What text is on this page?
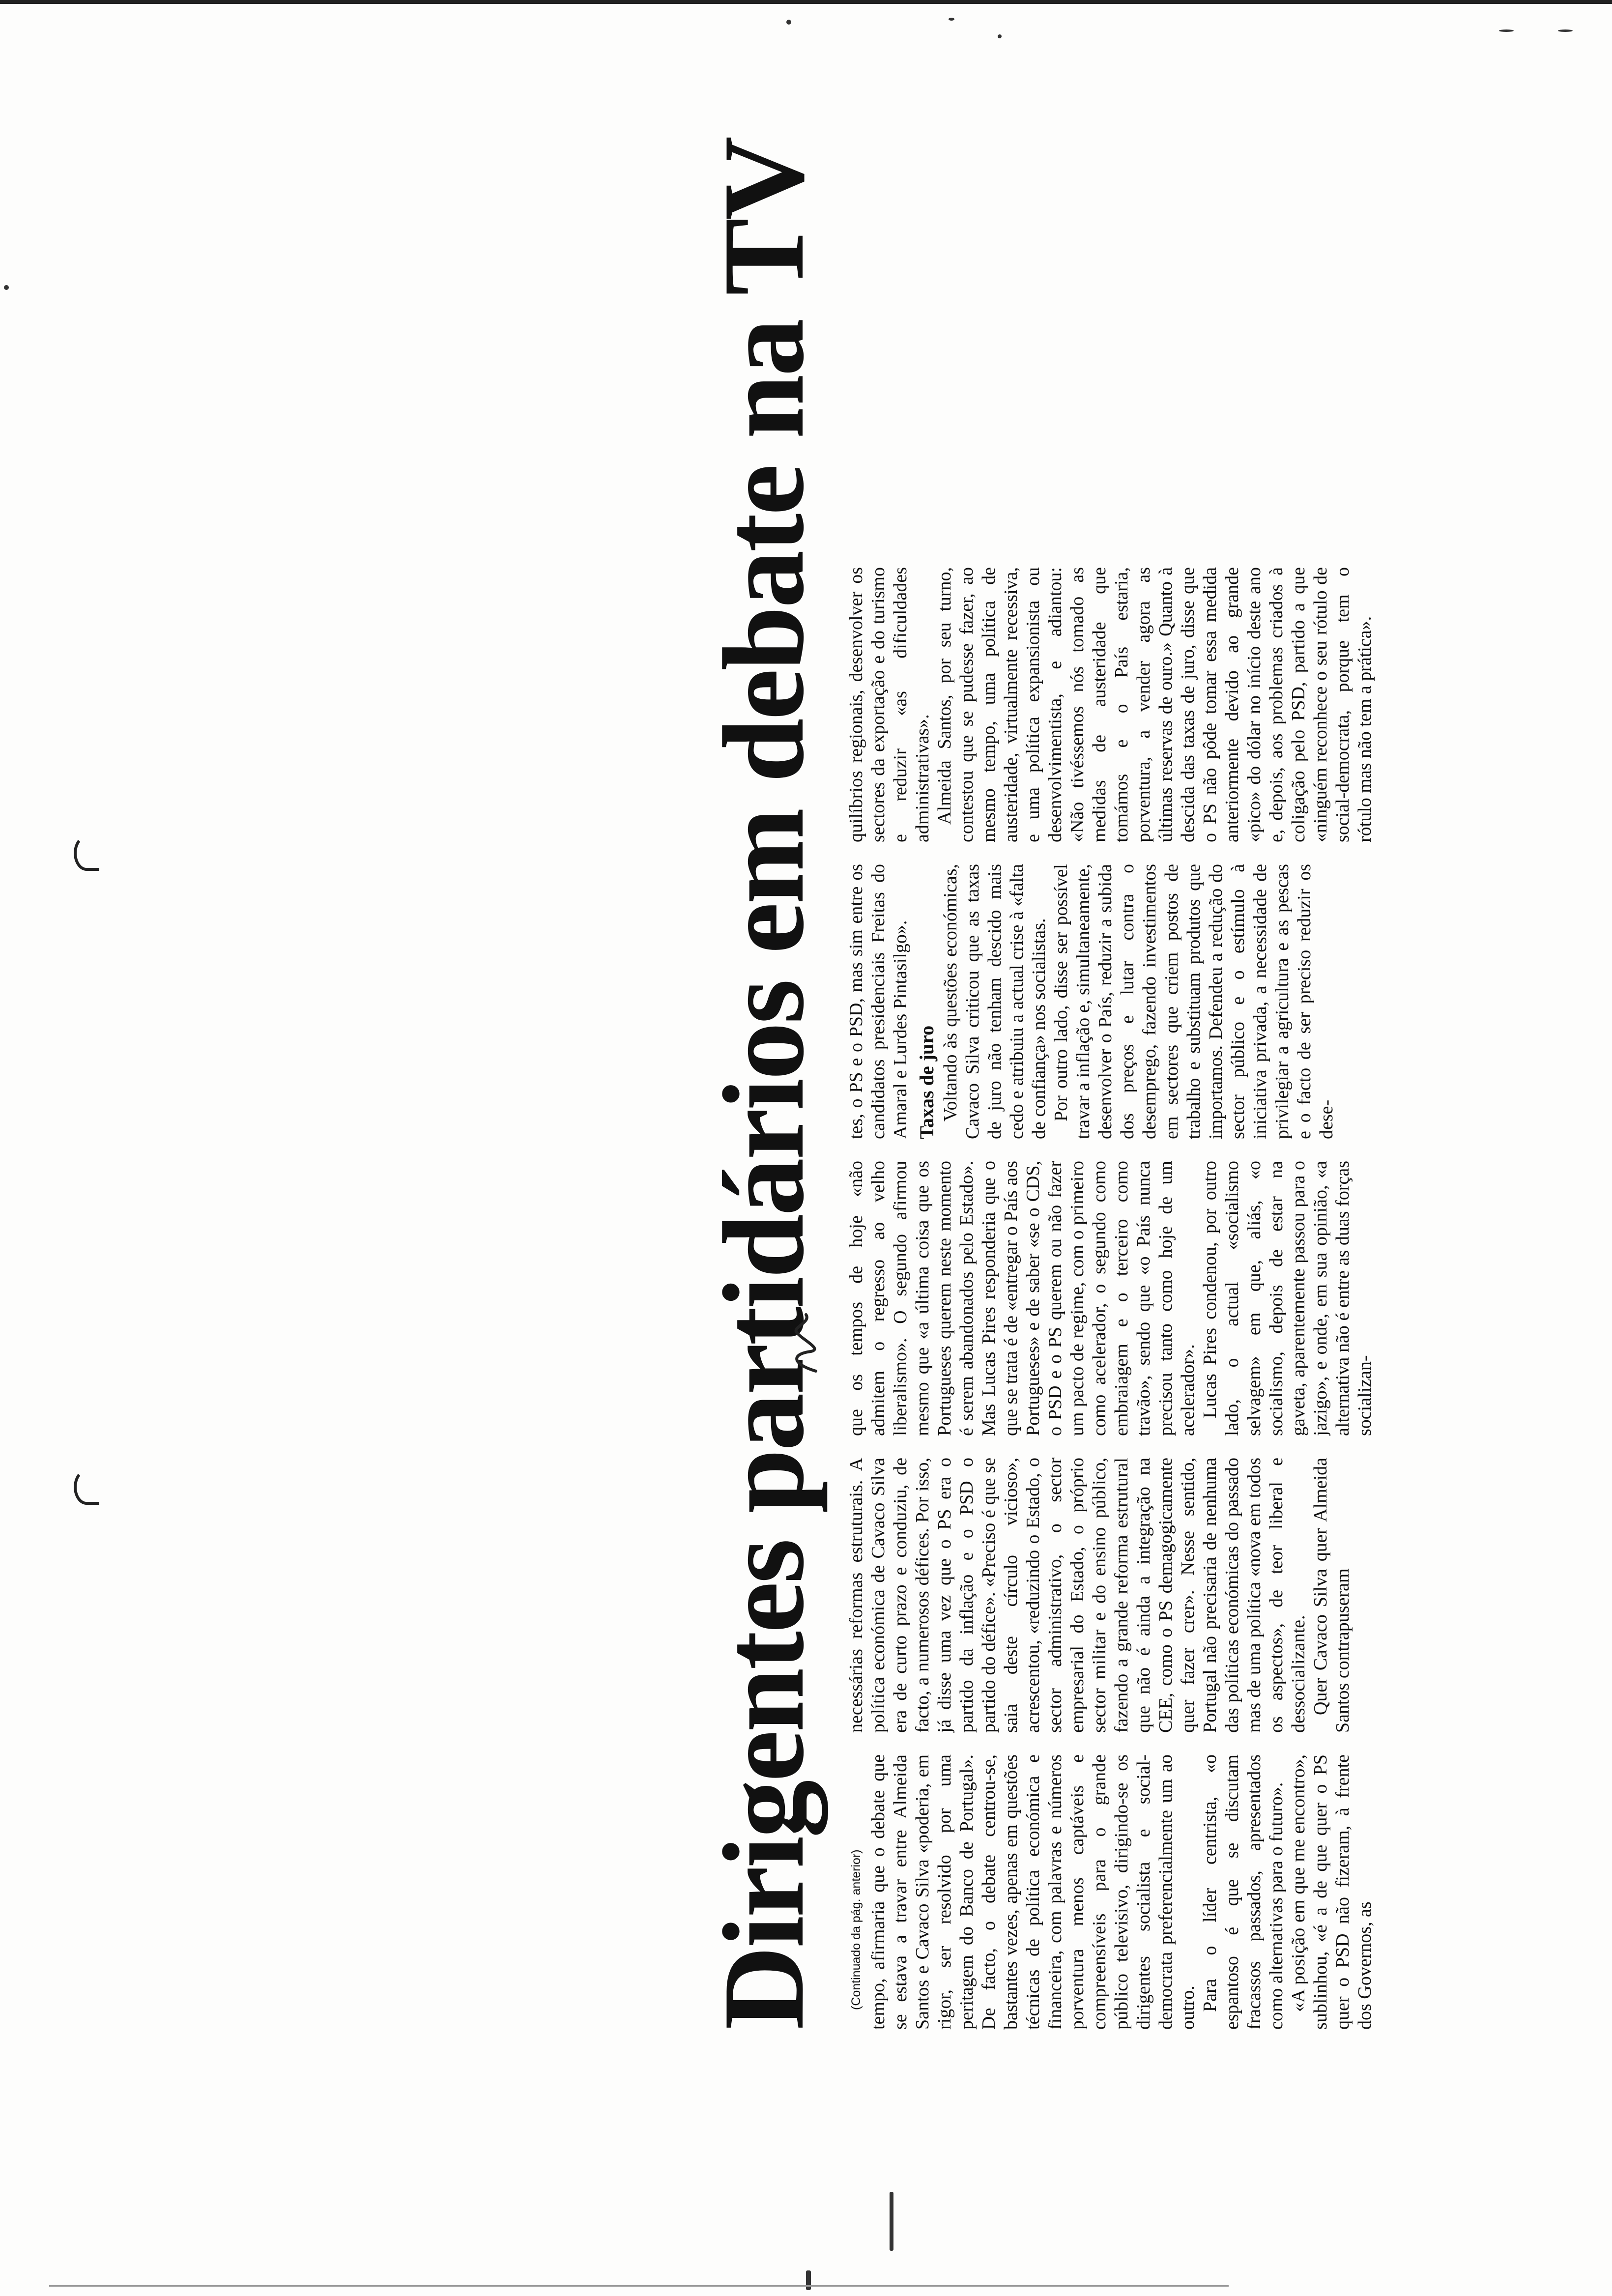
Dirigentes partidários em debate na TV	(Continuado da pág. anterior) tempo, afirmaria que o debate que se estava a travar entre Almeida Santos e Cavaco Silva «poderia, em rigor, ser resolvido por uma peritagem do Banco de Portugal». De facto, o debate centrou-se, bastantes vezes, apenas em questões técnicas de política económica e financeira, com palavras e números porventura menos captáveis e compreensíveis para o grande público televisivo, dirigindo-se os dirigentes socialista e social-democrata preferencialmente um ao outro. Para o líder centrista, «o espantoso é que se discutam fracassos passados, apresentados como alternativas para o futuro». «A posição em que me encontro», sublinhou, «é a de que quer o PS quer o PSD não fizeram, à frente dos Governos, as

necessárias reformas estruturais. A política económica de Cavaco Silva era de curto prazo e conduziu, de facto, a numerosos défices. Por isso, já disse uma vez que o PS era o partido da inflação e o PSD o partido do défice». «Preciso é que se saia deste círculo vicioso», acrescentou, «reduzindo o Estado, o sector administrativo, o sector empresarial do Estado, o próprio sector militar e do ensino público, fazendo a grande reforma estrutural que não é ainda a integração na CEE, como o PS demagogicamente quer fazer crer». Nesse sentido, Portugal não precisaria de nenhuma das políticas económicas do passado mas de uma política «nova em todos os aspectos», de teor liberal e dessocializante. Quer Cavaco Silva quer Almeida Santos contrapuseram

que os tempos de hoje «não admitem o regresso ao velho liberalismo». O segundo afirmou mesmo que «a última coisa que os Portugueses querem neste momento é serem abandonados pelo Estado». Mas Lucas Pires responderia que o que se trata é de «entregar o País aos Portugueses» e de saber «se o CDS, o PSD e o PS querem ou não fazer um pacto de regime, com o primeiro como acelerador, o segundo como embraiagem e o terceiro como travão», sendo que «o País nunca precisou tanto como hoje de um acelerador». Lucas Pires condenou, por outro lado, o actual «socialismo selvagem» em que, aliás, «o socialismo, depois de estar na gaveta, aparentemente passou para o jazigo», e onde, em sua opinião, «a alternativa não é entre as duas forças socializan-

tes, o PS e o PSD, mas sim entre os candidatos presidenciais Freitas do Amaral e Lurdes Pintasilgo». Taxas de juro Voltando às questões económicas, Cavaco Silva criticou que as taxas de juro não tenham descido mais cedo e atribuiu a actual crise à «falta de confiança» nos socialistas. Por outro lado, disse ser possível travar a inflação e, simultaneamente, desenvolver o País, reduzir a subida dos preços e lutar contra o desemprego, fazendo investimentos em sectores que criem postos de trabalho e substituam produtos que importamos. Defendeu a redução do sector público e o estímulo à iniciativa privada, a necessidade de privilegiar a agricultura e as pescas e o facto de ser preciso reduzir os dese-

quilíbrios regionais, desenvolver os sectores da exportação e do turismo e reduzir «as dificuldades administrativas». Almeida Santos, por seu turno, contestou que se pudesse fazer, ao mesmo tempo, uma política de austeridade, virtualmente recessiva, e uma política expansionista ou desenvolvimentista, e adiantou: «Não tivéssemos nós tomado as medidas de austeridade que tomámos e o País estaria, porventura, a vender agora as últimas reservas de ouro.» Quanto à descida das taxas de juro, disse que o PS não pôde tomar essa medida anteriormente devido ao grande «pico» do dólar no início deste ano e, depois, aos problemas criados à coligação pelo PSD, partido a que «ninguém reconhece o seu rótulo de social-democrata, porque tem o rótulo mas não tem a prática».
